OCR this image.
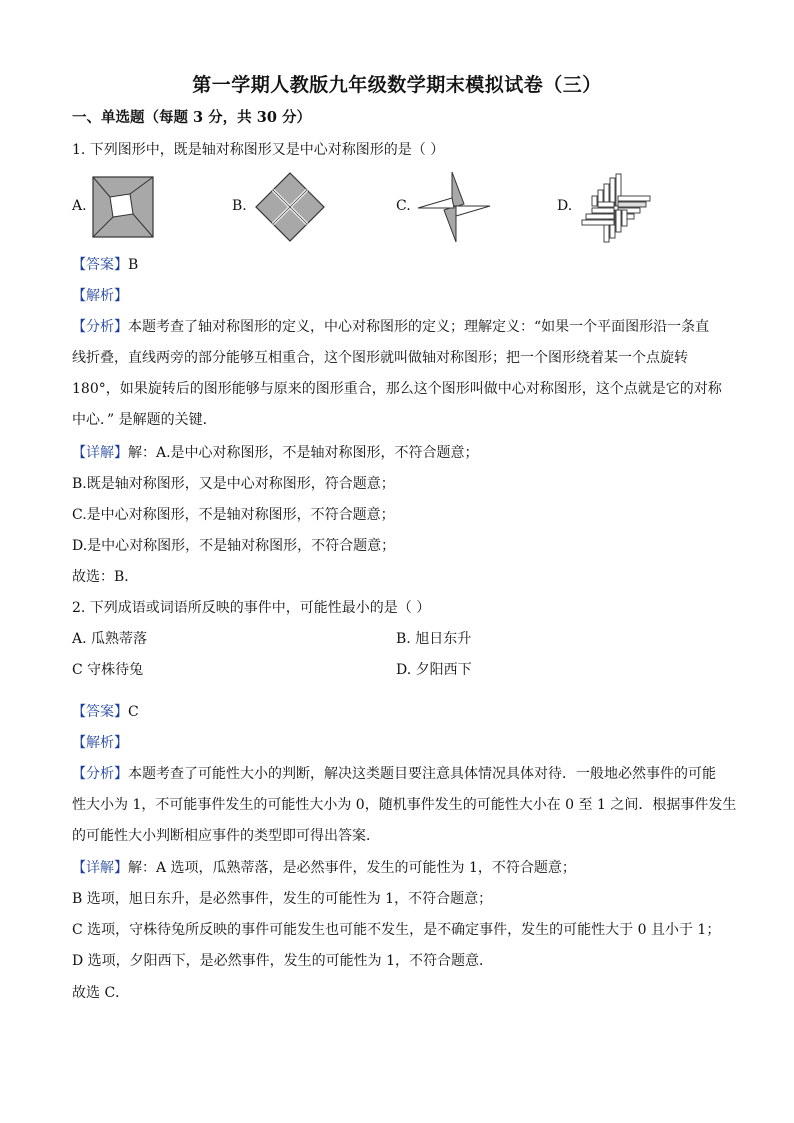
第一学期人教版九年级数学期末模拟试卷（三）
一、单选题（每题 3 分，共 30 分）
1. 下列图形中，既是轴对称图形又是中心对称图形的是（ ）
A.	B.	C.	D.
【答案】B
【解析】
【分析】本题考查了轴对称图形的定义，中心对称图形的定义；理解定义：“如果一个平面图形沿一条直
线折叠，直线两旁的部分能够互相重合，这个图形就叫做轴对称图形；把一个图形绕着某一个点旋转
180°，如果旋转后的图形能够与原来的图形重合，那么这个图形叫做中心对称图形，这个点就是它的对称
中心．” 是解题的关键．
【详解】解：A.是中心对称图形，不是轴对称图形，不符合题意；
B.既是轴对称图形，又是中心对称图形，符合题意；
C.是中心对称图形，不是轴对称图形，不符合题意；
D.是中心对称图形，不是轴对称图形，不符合题意；
故选：B．
2. 下列成语或词语所反映的事件中，可能性最小的是（ ）
A. 瓜熟蒂落	B. 旭日东升
C 守株待兔	D. 夕阳西下
【答案】C
【解析】
【分析】本题考查了可能性大小的判断，解决这类题目要注意具体情况具体对待．一般地必然事件的可能
性大小为 1，不可能事件发生的可能性大小为 0，随机事件发生的可能性大小在 0 至 1 之间．根据事件发生
的可能性大小判断相应事件的类型即可得出答案．
【详解】解：A 选项，瓜熟蒂落，是必然事件，发生的可能性为 1，不符合题意；
B 选项，旭日东升，是必然事件，发生的可能性为 1，不符合题意；
C 选项，守株待兔所反映的事件可能发生也可能不发生，是不确定事件，发生的可能性大于 0 且小于 1；
D 选项，夕阳西下，是必然事件，发生的可能性为 1，不符合题意．
故选 C．
